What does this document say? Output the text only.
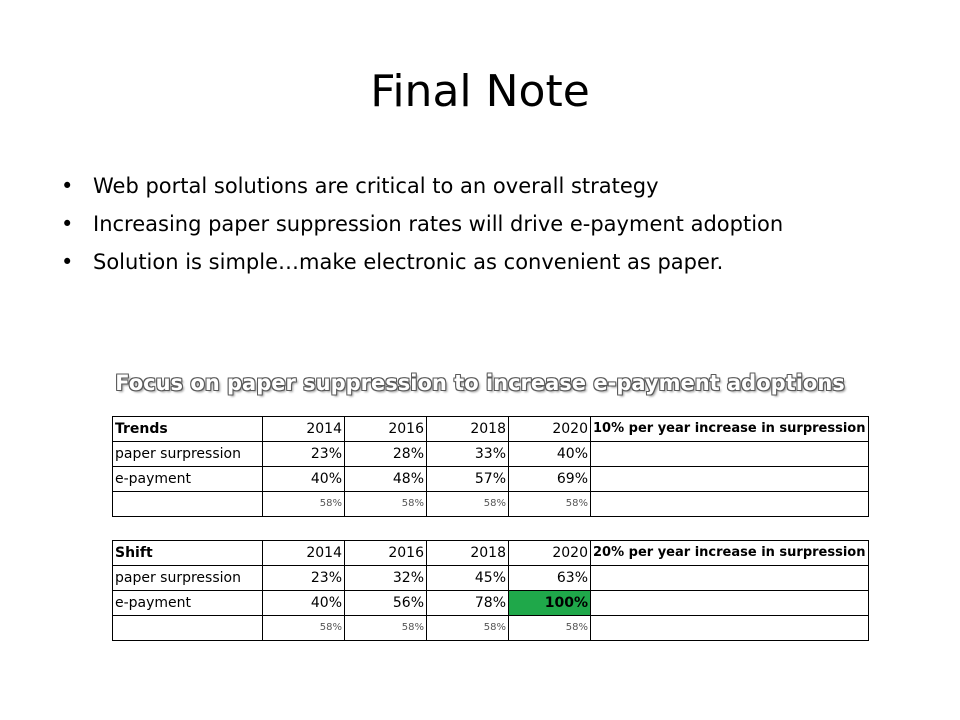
Final Note
• Web portal solutions are critical to an overall strategy
• Increasing paper suppression rates will drive e-payment adoption
• Solution is simple…make electronic as convenient as paper.
Focus on paper suppression to increase e-payment adoptions
Trends	2014	2016	2018	2020	10% per year increase in surpression
paper surpression	23%	28%	33%	40%	
e-payment	40%	48%	57%	69%	
	58%	58%	58%	58%	
Shift	2014	2016	2018	2020	20% per year increase in surpression
paper surpression	23%	32%	45%	63%	
e-payment	40%	56%	78%	100%	
	58%	58%	58%	58%	
